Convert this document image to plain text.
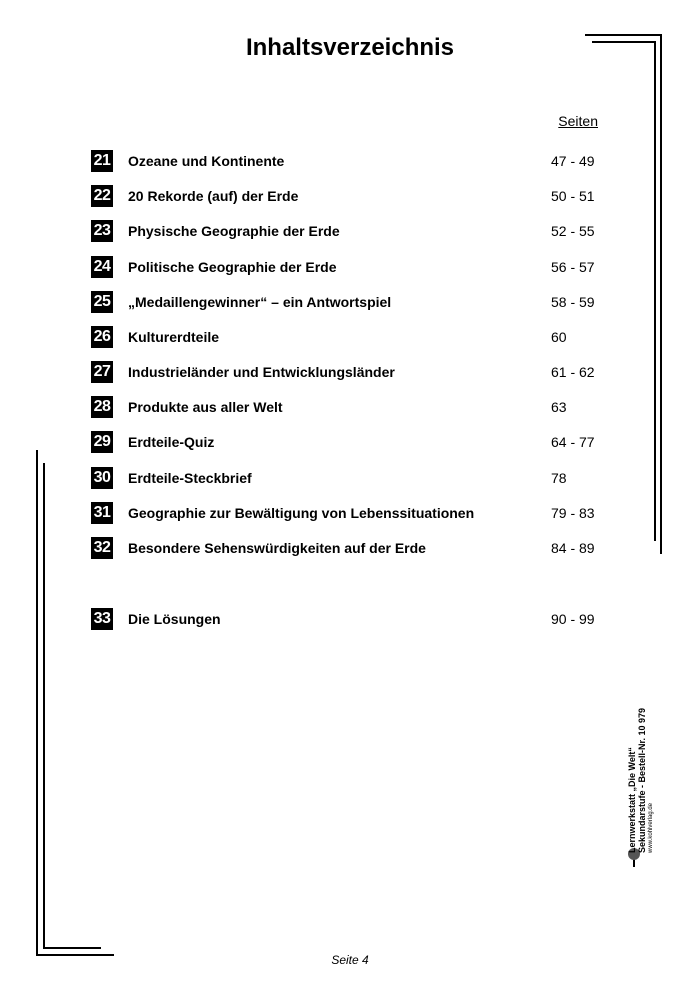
Inhaltsverzeichnis
Seiten
21 Ozeane und Kontinente	47 - 49
22 20 Rekorde (auf) der Erde	50 - 51
23 Physische Geographie der Erde	52 - 55
24 Politische Geographie der Erde	56 - 57
25 „Medaillengewinner“ – ein Antwortspiel	58 - 59
26 Kulturerdteile	60
27 Industrieländer und Entwicklungsländer	61 - 62
28 Produkte aus aller Welt	63
29 Erdteile-Quiz	64 - 77
30 Erdteile-Steckbrief	78
31 Geographie zur Bewältigung von Lebenssituationen	79 - 83
32 Besondere Sehenswürdigkeiten auf der Erde	84 - 89
33 Die Lösungen	90 - 99
Lernwerkstatt „Die Welt“ Sekundarstufe - Bestell-Nr. 10 979 www.kohlverlag.de
Seite 4
